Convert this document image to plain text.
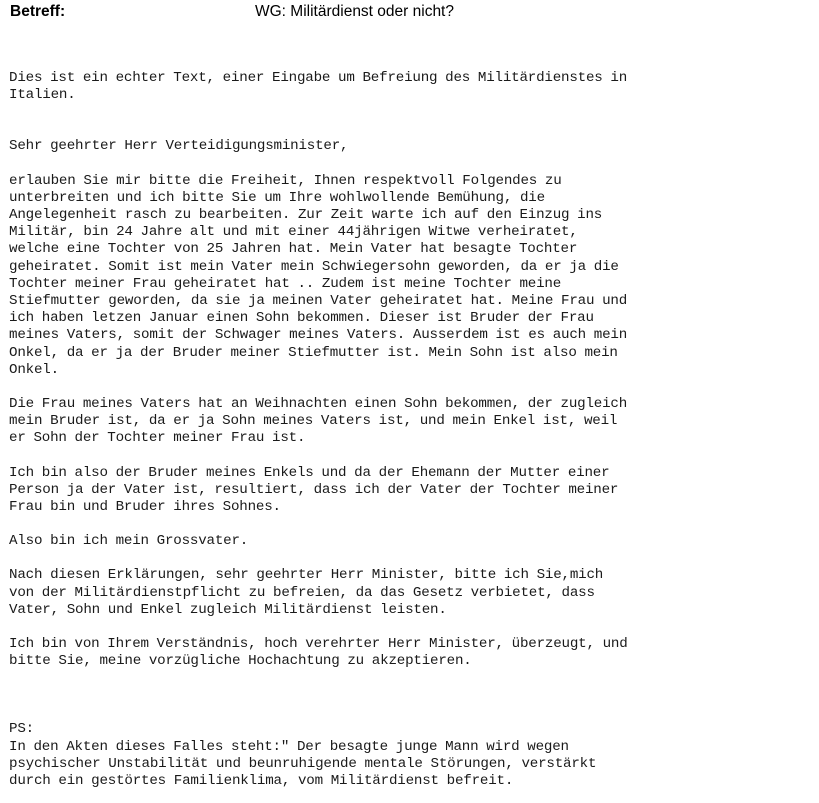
Betreff:	WG: Militärdienst oder nicht?

Dies ist ein echter Text, einer Eingabe um Befreiung des Militärdienstes in
Italien.

Sehr geehrter Herr Verteidigungsminister,

erlauben Sie mir bitte die Freiheit, Ihnen respektvoll Folgendes zu
unterbreiten und ich bitte Sie um Ihre wohlwollende Bemühung, die
Angelegenheit rasch zu bearbeiten. Zur Zeit warte ich auf den Einzug ins
Militär, bin 24 Jahre alt und mit einer 44jährigen Witwe verheiratet,
welche eine Tochter von 25 Jahren hat. Mein Vater hat besagte Tochter
geheiratet. Somit ist mein Vater mein Schwiegersohn geworden, da er ja die
Tochter meiner Frau geheiratet hat .. Zudem ist meine Tochter meine
Stiefmutter geworden, da sie ja meinen Vater geheiratet hat. Meine Frau und
ich haben letzen Januar einen Sohn bekommen. Dieser ist Bruder der Frau
meines Vaters, somit der Schwager meines Vaters. Ausserdem ist es auch mein
Onkel, da er ja der Bruder meiner Stiefmutter ist. Mein Sohn ist also mein
Onkel.

Die Frau meines Vaters hat an Weihnachten einen Sohn bekommen, der zugleich
mein Bruder ist, da er ja Sohn meines Vaters ist, und mein Enkel ist, weil
er Sohn der Tochter meiner Frau ist.

Ich bin also der Bruder meines Enkels und da der Ehemann der Mutter einer
Person ja der Vater ist, resultiert, dass ich der Vater der Tochter meiner
Frau bin und Bruder ihres Sohnes.

Also bin ich mein Grossvater.

Nach diesen Erklärungen, sehr geehrter Herr Minister, bitte ich Sie,mich
von der Militärdienstpflicht zu befreien, da das Gesetz verbietet, dass
Vater, Sohn und Enkel zugleich Militärdienst leisten.

Ich bin von Ihrem Verständnis, hoch verehrter Herr Minister, überzeugt, und
bitte Sie, meine vorzügliche Hochachtung zu akzeptieren.

PS:

In den Akten dieses Falles steht:" Der besagte junge Mann wird wegen
psychischer Unstabilität und beunruhigende mentale Störungen, verstärkt
durch ein gestörtes Familienklima, vom Militärdienst befreit.
